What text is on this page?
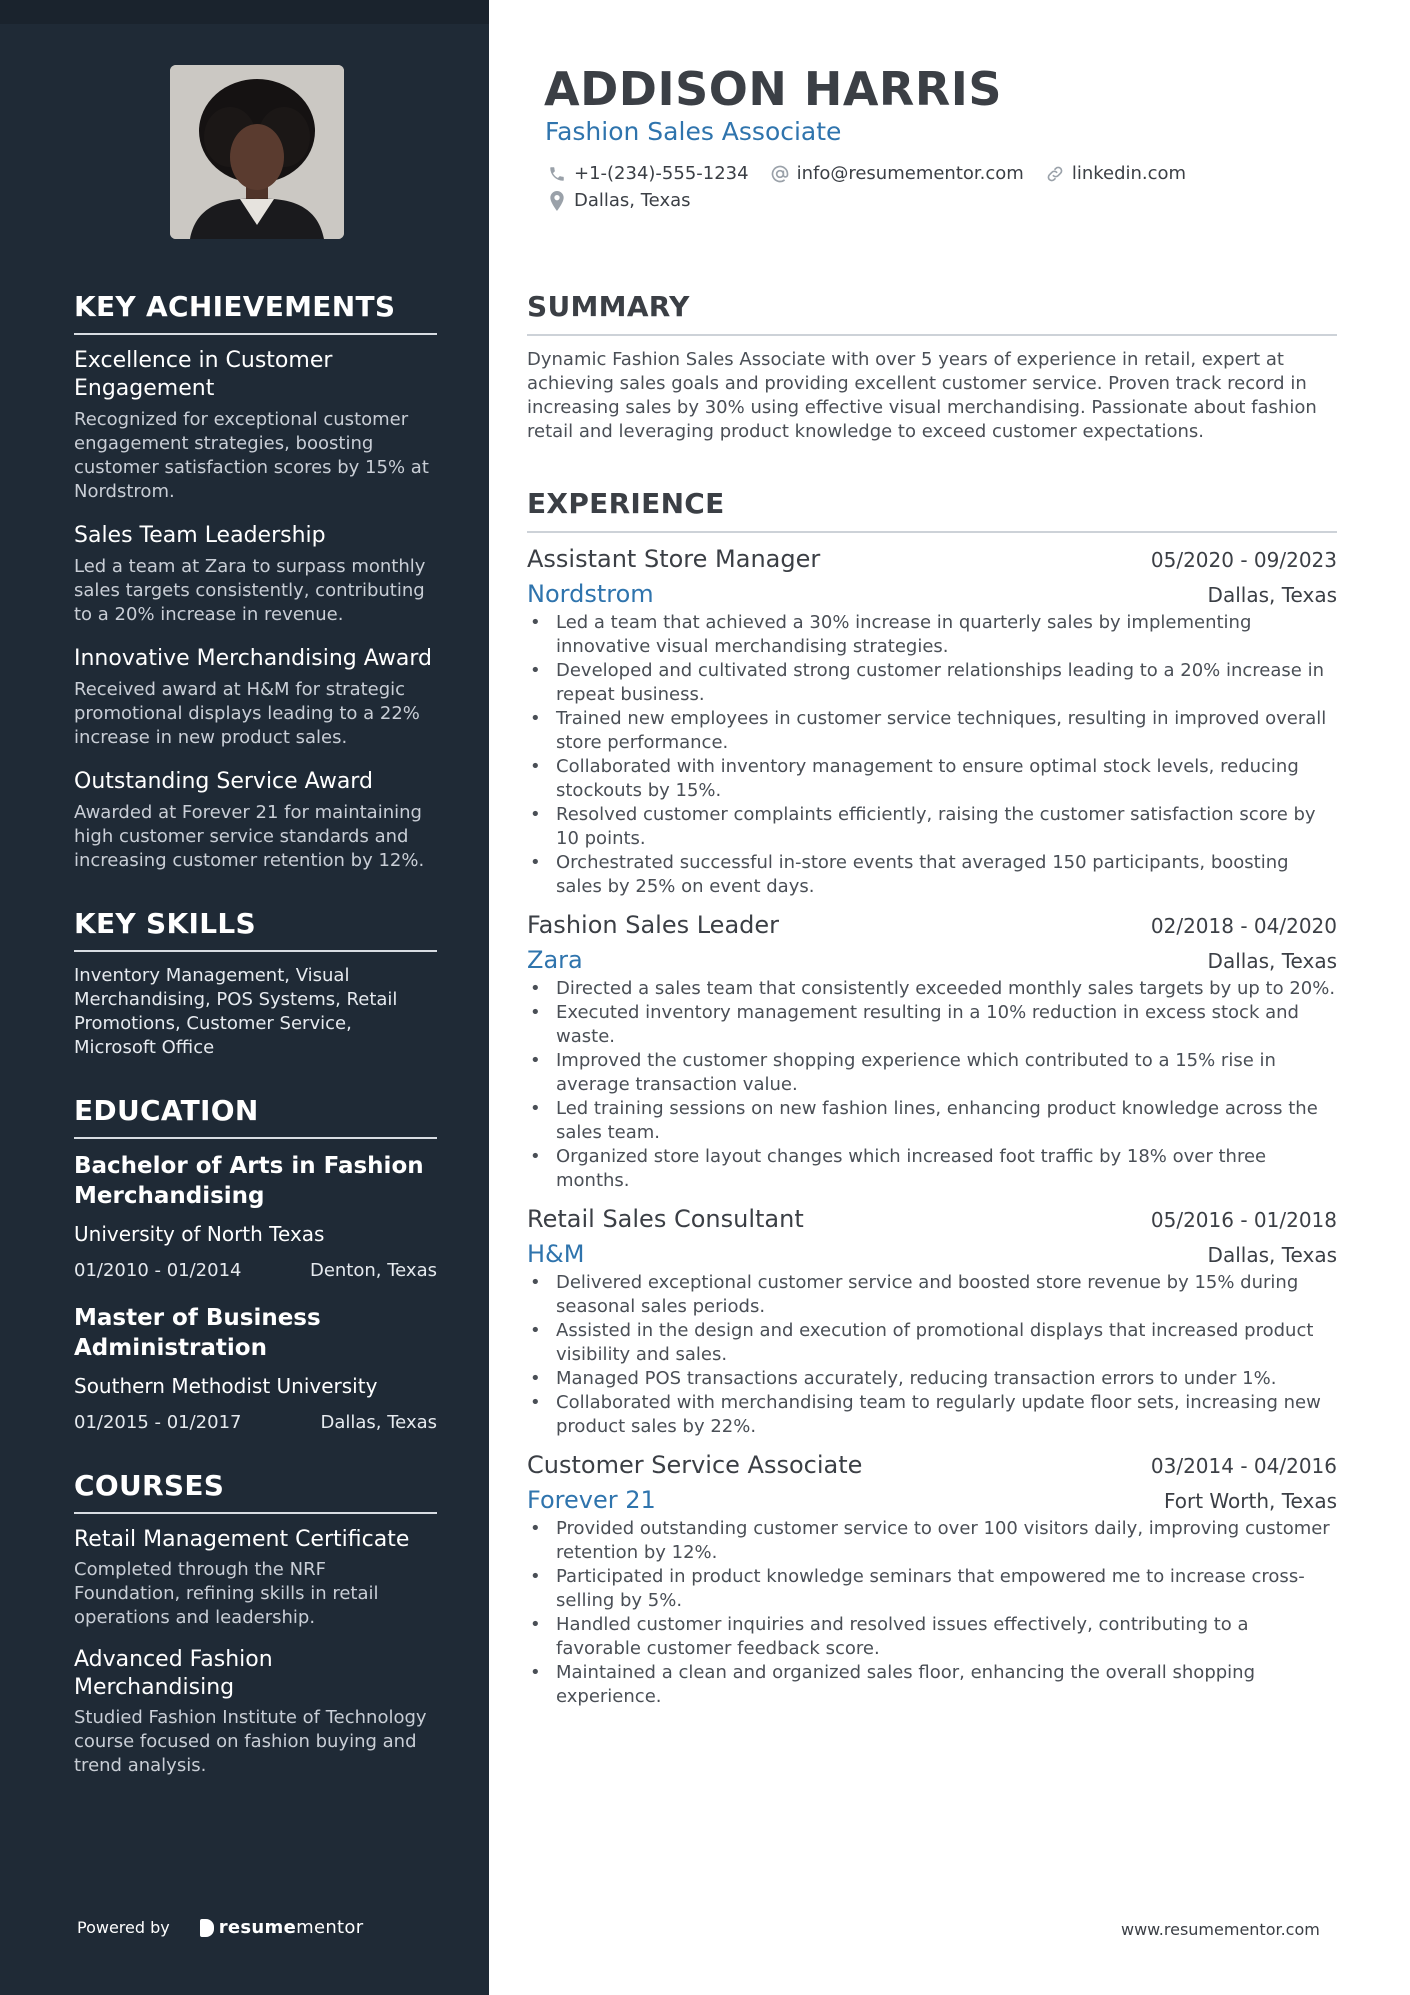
KEY ACHIEVEMENTS
Excellence in Customer Engagement
Recognized for exceptional customer engagement strategies, boosting customer satisfaction scores by 15% at Nordstrom.
Sales Team Leadership
Led a team at Zara to surpass monthly sales targets consistently, contributing to a 20% increase in revenue.
Innovative Merchandising Award
Received award at H&M for strategic promotional displays leading to a 22% increase in new product sales.
Outstanding Service Award
Awarded at Forever 21 for maintaining high customer service standards and increasing customer retention by 12%.
KEY SKILLS
Inventory Management, Visual Merchandising, POS Systems, Retail Promotions, Customer Service, Microsoft Office
EDUCATION
Bachelor of Arts in Fashion Merchandising
University of North Texas
01/2010 - 01/2014	Denton, Texas
Master of Business Administration
Southern Methodist University
01/2015 - 01/2017	Dallas, Texas
COURSES
Retail Management Certificate
Completed through the NRF Foundation, refining skills in retail operations and leadership.
Advanced Fashion Merchandising
Studied Fashion Institute of Technology course focused on fashion buying and trend analysis.
Powered by	resume mentor
ADDISON HARRIS
Fashion Sales Associate
+1-(234)-555-1234	info@resumementor.com	linkedin.com
Dallas, Texas
SUMMARY

Dynamic Fashion Sales Associate with over 5 years of experience in retail, expert at achieving sales goals and providing excellent customer service. Proven track record in increasing sales by 30% using effective visual merchandising. Passionate about fashion retail and leveraging product knowledge to exceed customer expectations.

EXPERIENCE
Assistant Store Manager	05/2020 - 09/2023
Nordstrom	Dallas, Texas
• Led a team that achieved a 30% increase in quarterly sales by implementing innovative visual merchandising strategies.
• Developed and cultivated strong customer relationships leading to a 20% increase in repeat business.
• Trained new employees in customer service techniques, resulting in improved overall store performance.
• Collaborated with inventory management to ensure optimal stock levels, reducing stockouts by 15%.
• Resolved customer complaints efficiently, raising the customer satisfaction score by 10 points.
• Orchestrated successful in-store events that averaged 150 participants, boosting sales by 25% on event days.
Fashion Sales Leader	02/2018 - 04/2020
Zara	Dallas, Texas
• Directed a sales team that consistently exceeded monthly sales targets by up to 20%.
• Executed inventory management resulting in a 10% reduction in excess stock and waste.
• Improved the customer shopping experience which contributed to a 15% rise in average transaction value.
• Led training sessions on new fashion lines, enhancing product knowledge across the sales team.
• Organized store layout changes which increased foot traffic by 18% over three months.
Retail Sales Consultant	05/2016 - 01/2018
H&M	Dallas, Texas
• Delivered exceptional customer service and boosted store revenue by 15% during seasonal sales periods.
• Assisted in the design and execution of promotional displays that increased product visibility and sales.
• Managed POS transactions accurately, reducing transaction errors to under 1%.
• Collaborated with merchandising team to regularly update floor sets, increasing new product sales by 22%.
Customer Service Associate	03/2014 - 04/2016
Forever 21	Fort Worth, Texas
• Provided outstanding customer service to over 100 visitors daily, improving customer retention by 12%.
• Participated in product knowledge seminars that empowered me to increase cross-selling by 5%.
• Handled customer inquiries and resolved issues effectively, contributing to a favorable customer feedback score.
• Maintained a clean and organized sales floor, enhancing the overall shopping experience.
www.resumementor.com
